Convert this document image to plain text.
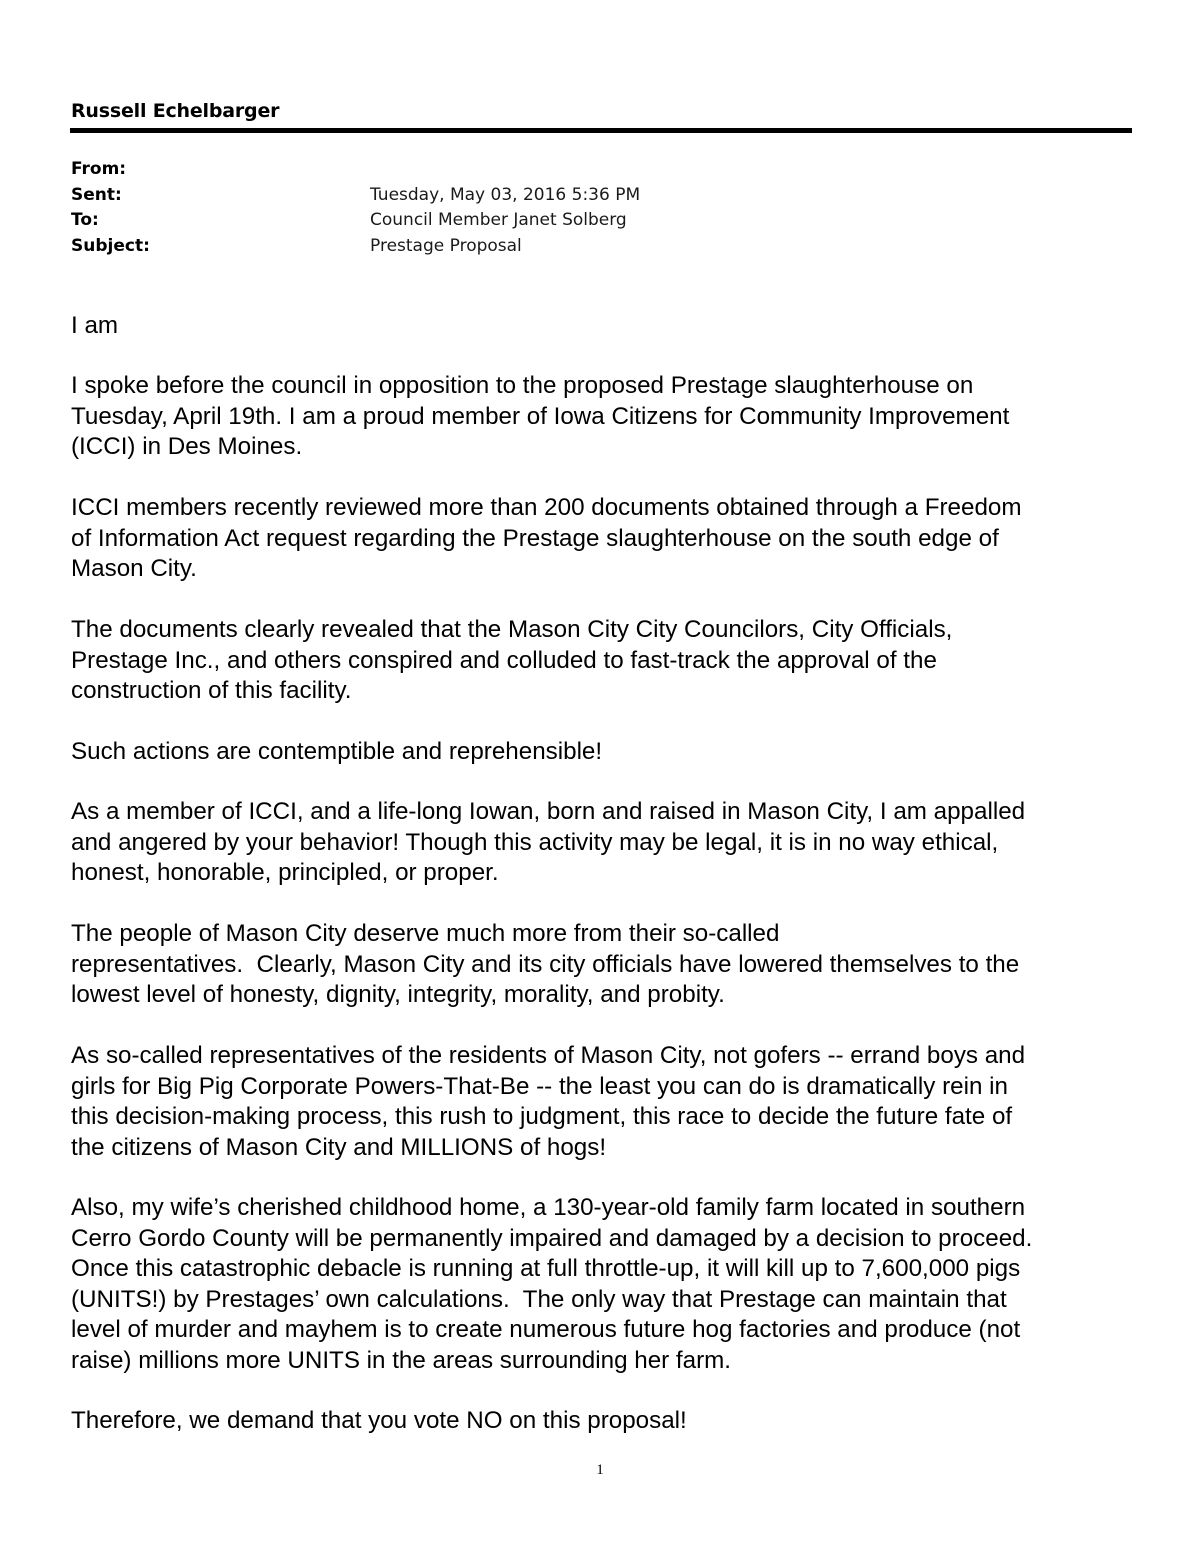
Russell Echelbarger
From:
Sent:	Tuesday, May 03, 2016 5:36 PM
To:	Council Member Janet Solberg
Subject:	Prestage Proposal

I am

I spoke before the council in opposition to the proposed Prestage slaughterhouse on
Tuesday, April 19th. I am a proud member of Iowa Citizens for Community Improvement
(ICCI) in Des Moines.

ICCI members recently reviewed more than 200 documents obtained through a Freedom
of Information Act request regarding the Prestage slaughterhouse on the south edge of
Mason City.

The documents clearly revealed that the Mason City City Councilors, City Officials,
Prestage Inc., and others conspired and colluded to fast-track the approval of the
construction of this facility.

Such actions are contemptible and reprehensible!

As a member of ICCI, and a life-long Iowan, born and raised in Mason City, I am appalled
and angered by your behavior! Though this activity may be legal, it is in no way ethical,
honest, honorable, principled, or proper.

The people of Mason City deserve much more from their so-called
representatives.  Clearly, Mason City and its city officials have lowered themselves to the
lowest level of honesty, dignity, integrity, morality, and probity.

As so-called representatives of the residents of Mason City, not gofers -- errand boys and
girls for Big Pig Corporate Powers-That-Be -- the least you can do is dramatically rein in
this decision-making process, this rush to judgment, this race to decide the future fate of
the citizens of Mason City and MILLIONS of hogs!

Also, my wife’s cherished childhood home, a 130-year-old family farm located in southern
Cerro Gordo County will be permanently impaired and damaged by a decision to proceed.
Once this catastrophic debacle is running at full throttle-up, it will kill up to 7,600,000 pigs
(UNITS!) by Prestages’ own calculations.  The only way that Prestage can maintain that
level of murder and mayhem is to create numerous future hog factories and produce (not
raise) millions more UNITS in the areas surrounding her farm.

Therefore, we demand that you vote NO on this proposal!

1
